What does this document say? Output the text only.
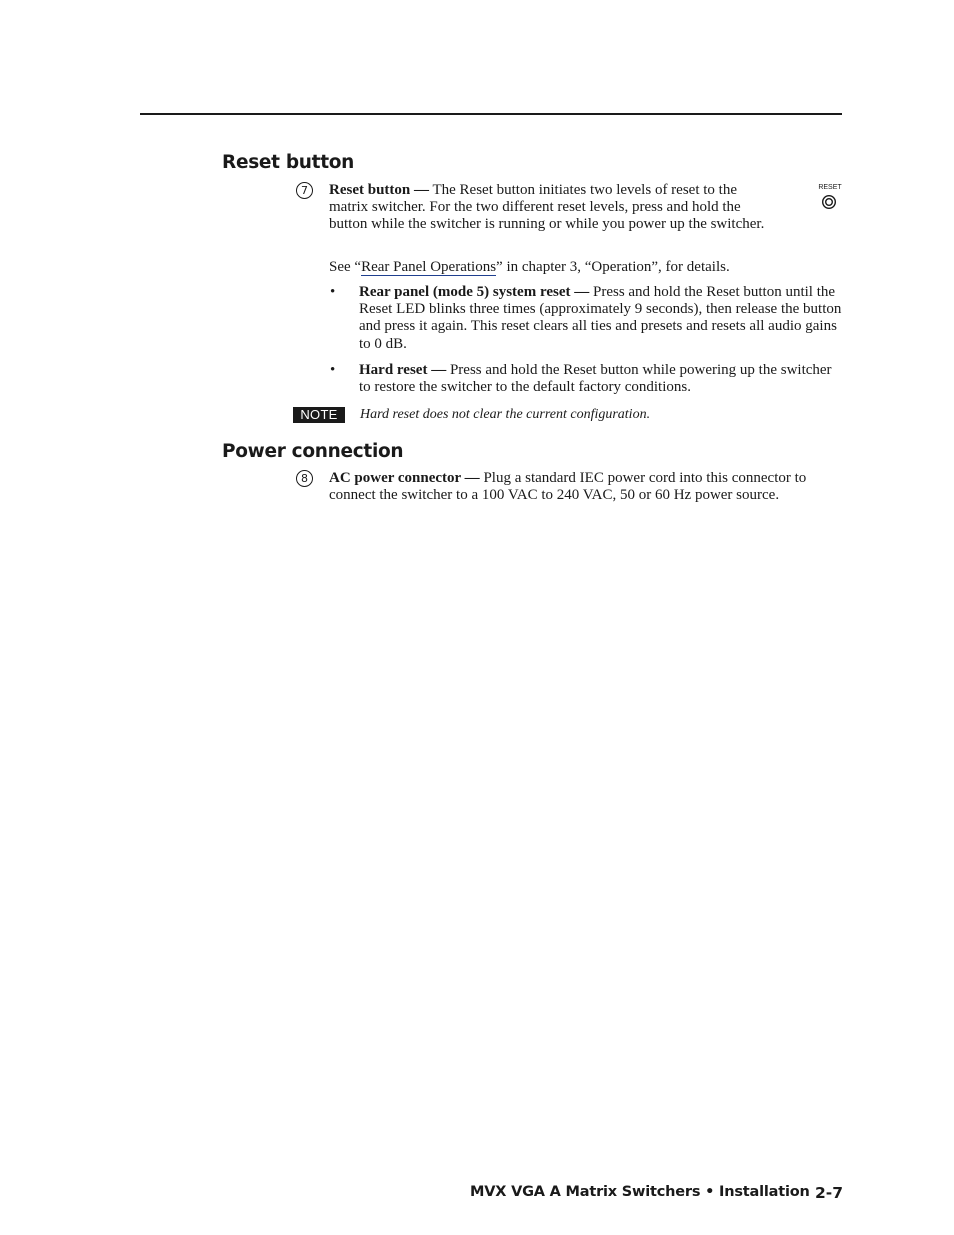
Reset button
7	Reset button — The Reset button initiates two levels of reset to the matrix switcher. For the two different reset levels, press and hold the button while the switcher is running or while you power up the switcher.

RESET

See “Rear Panel Operations” in chapter 3, “Operation”, for details.

• Rear panel (mode 5) system reset — Press and hold the Reset button until the Reset LED blinks three times (approximately 9 seconds), then release the button and press it again. This reset clears all ties and presets and resets all audio gains to 0 dB.

• Hard reset — Press and hold the Reset button while powering up the switcher to restore the switcher to the default factory conditions.

NOTE	Hard reset does not clear the current configuration.

Power connection
8	AC power connector — Plug a standard IEC power cord into this connector to connect the switcher to a 100 VAC to 240 VAC, 50 or 60 Hz power source.

MVX VGA A Matrix Switchers • Installation 2-7
